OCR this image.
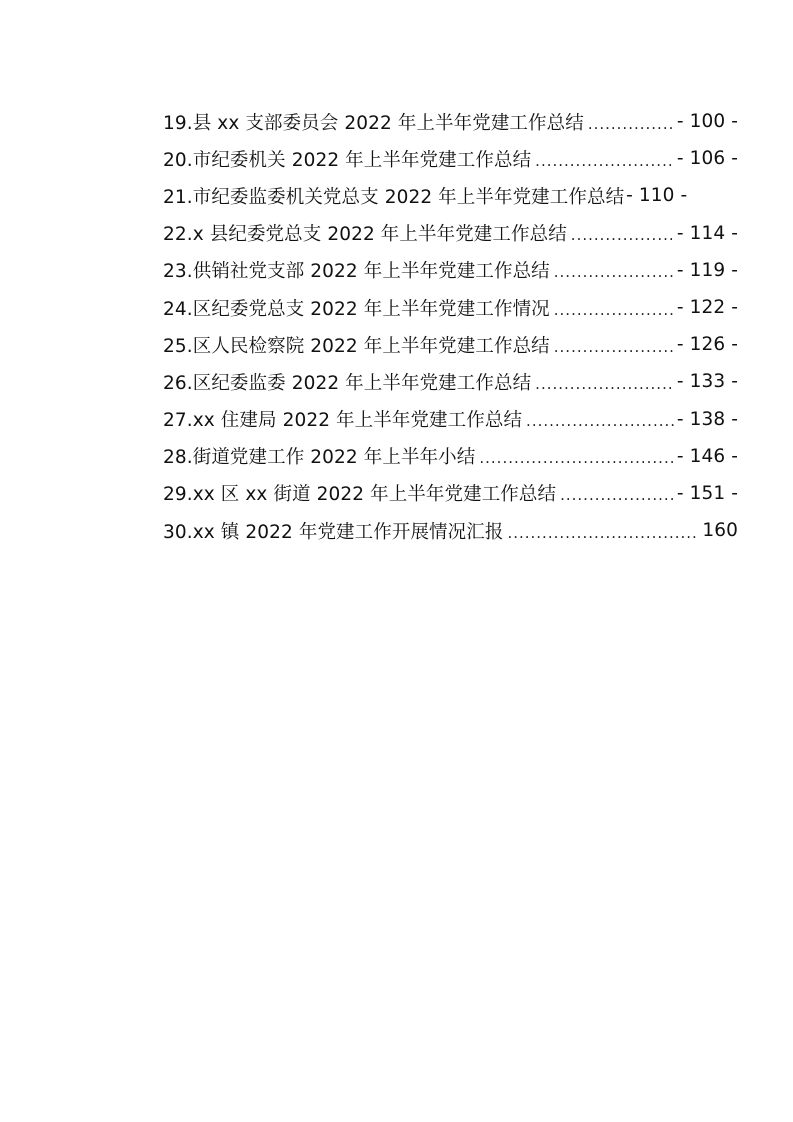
19.县 xx 支部委员会 2022 年上半年党建工作总结 .....	- 100 -
20.市纪委机关 2022 年上半年党建工作总结 .....	- 106 -
21.市纪委监委机关党总支 2022 年上半年党建工作总结 - 110 -
22.x 县纪委党总支 2022 年上半年党建工作总结 .....	- 114 -
23.供销社党支部 2022 年上半年党建工作总结 .....	- 119 -
24.区纪委党总支 2022 年上半年党建工作情况 .....	- 122 -
25.区人民检察院 2022 年上半年党建工作总结 .....	- 126 -
26.区纪委监委 2022 年上半年党建工作总结 .....	- 133 -
27.xx 住建局 2022 年上半年党建工作总结 .....	- 138 -
28.街道党建工作 2022 年上半年小结 .....	- 146 -
29.xx 区 xx 街道 2022 年上半年党建工作总结 .....	- 151 -
30.xx 镇 2022 年党建工作开展情况汇报 .....	160
